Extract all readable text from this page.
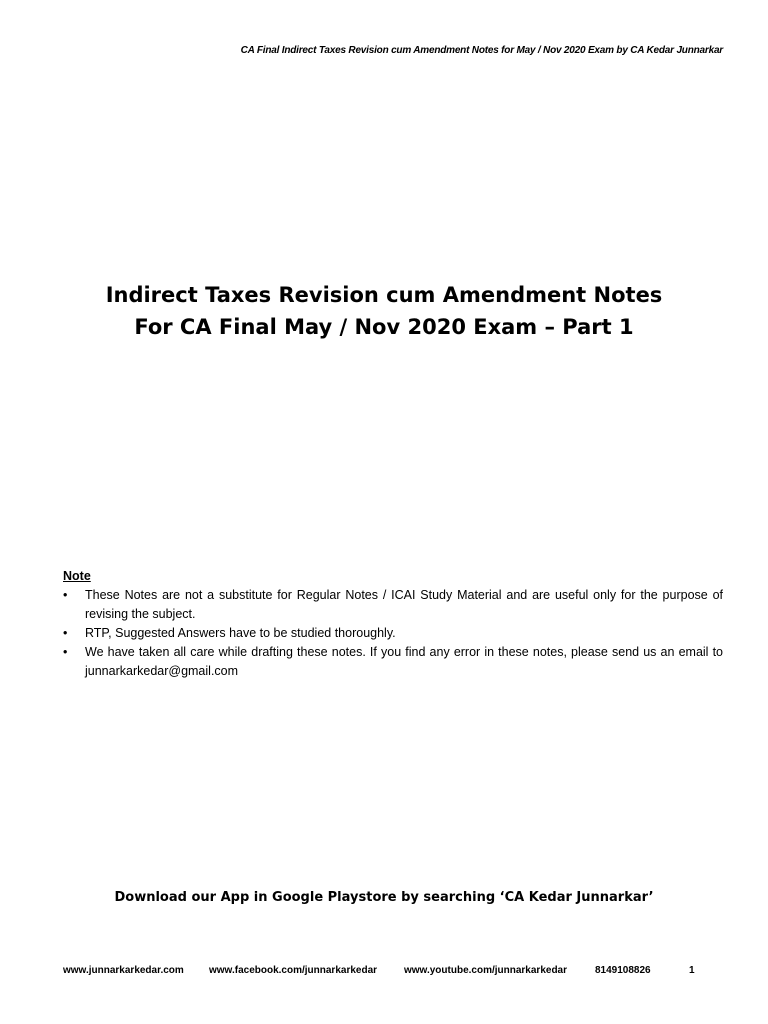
CA Final Indirect Taxes Revision cum Amendment Notes for May / Nov 2020 Exam by CA Kedar Junnarkar
Indirect Taxes Revision cum Amendment Notes
For CA Final May / Nov 2020 Exam – Part 1
Note
• These Notes are not a substitute for Regular Notes / ICAI Study Material and are useful only for the purpose of revising the subject.
• RTP, Suggested Answers have to be studied thoroughly.
• We have taken all care while drafting these notes. If you find any error in these notes, please send us an email to junnarkarkedar@gmail.com
Download our App in Google Playstore by searching ‘CA Kedar Junnarkar’
www.junnarkarkedar.com	www.facebook.com/junnarkarkedar	www.youtube.com/junnarkarkedar	8149108826	1
